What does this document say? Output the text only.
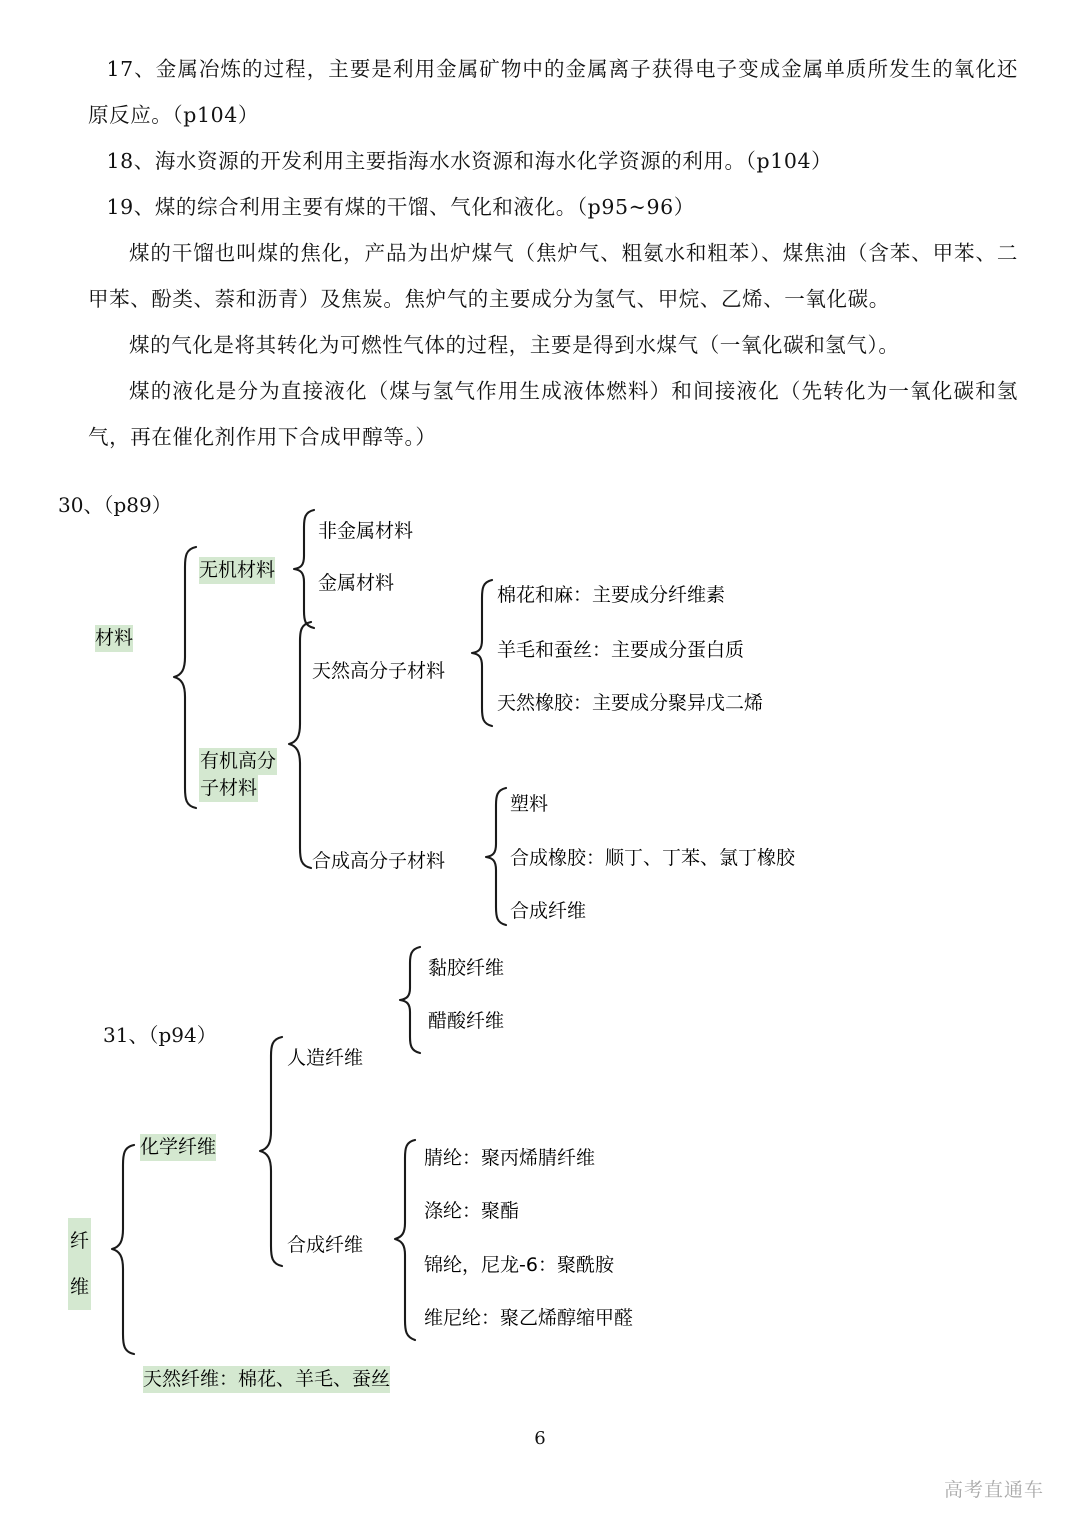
17、金属冶炼的过程，主要是利用金属矿物中的金属离子获得电子变成金属单质所发生的氧化还原反应。（p104）

18、海水资源的开发利用主要指海水水资源和海水化学资源的利用。（p104）

19、煤的综合利用主要有煤的干馏、气化和液化。（p95~96）

煤的干馏也叫煤的焦化，产品为出炉煤气（焦炉气、粗氨水和粗苯）、煤焦油（含苯、甲苯、二甲苯、酚类、萘和沥青）及焦炭。焦炉气的主要成分为氢气、甲烷、乙烯、一氧化碳。

煤的气化是将其转化为可燃性气体的过程，主要是得到水煤气（一氧化碳和氢气）。

煤的液化是分为直接液化（煤与氢气作用生成液体燃料）和间接液化（先转化为一氧化碳和氢气，再在催化剂作用下合成甲醇等。）

30、（p89）
材料
无机材料
有机高分
子材料
非金属材料
金属材料
天然高分子材料
合成高分子材料
棉花和麻：主要成分纤维素
羊毛和蚕丝：主要成分蛋白质
天然橡胶：主要成分聚异戊二烯
塑料
合成橡胶：顺丁、丁苯、氯丁橡胶
合成纤维
31、（p94）
纤
维
化学纤维
人造纤维
合成纤维
黏胶纤维
醋酸纤维
腈纶：聚丙烯腈纤维
涤纶：聚酯
锦纶，尼龙-6：聚酰胺
维尼纶：聚乙烯醇缩甲醛
天然纤维：棉花、羊毛、蚕丝
6
高考直通车
